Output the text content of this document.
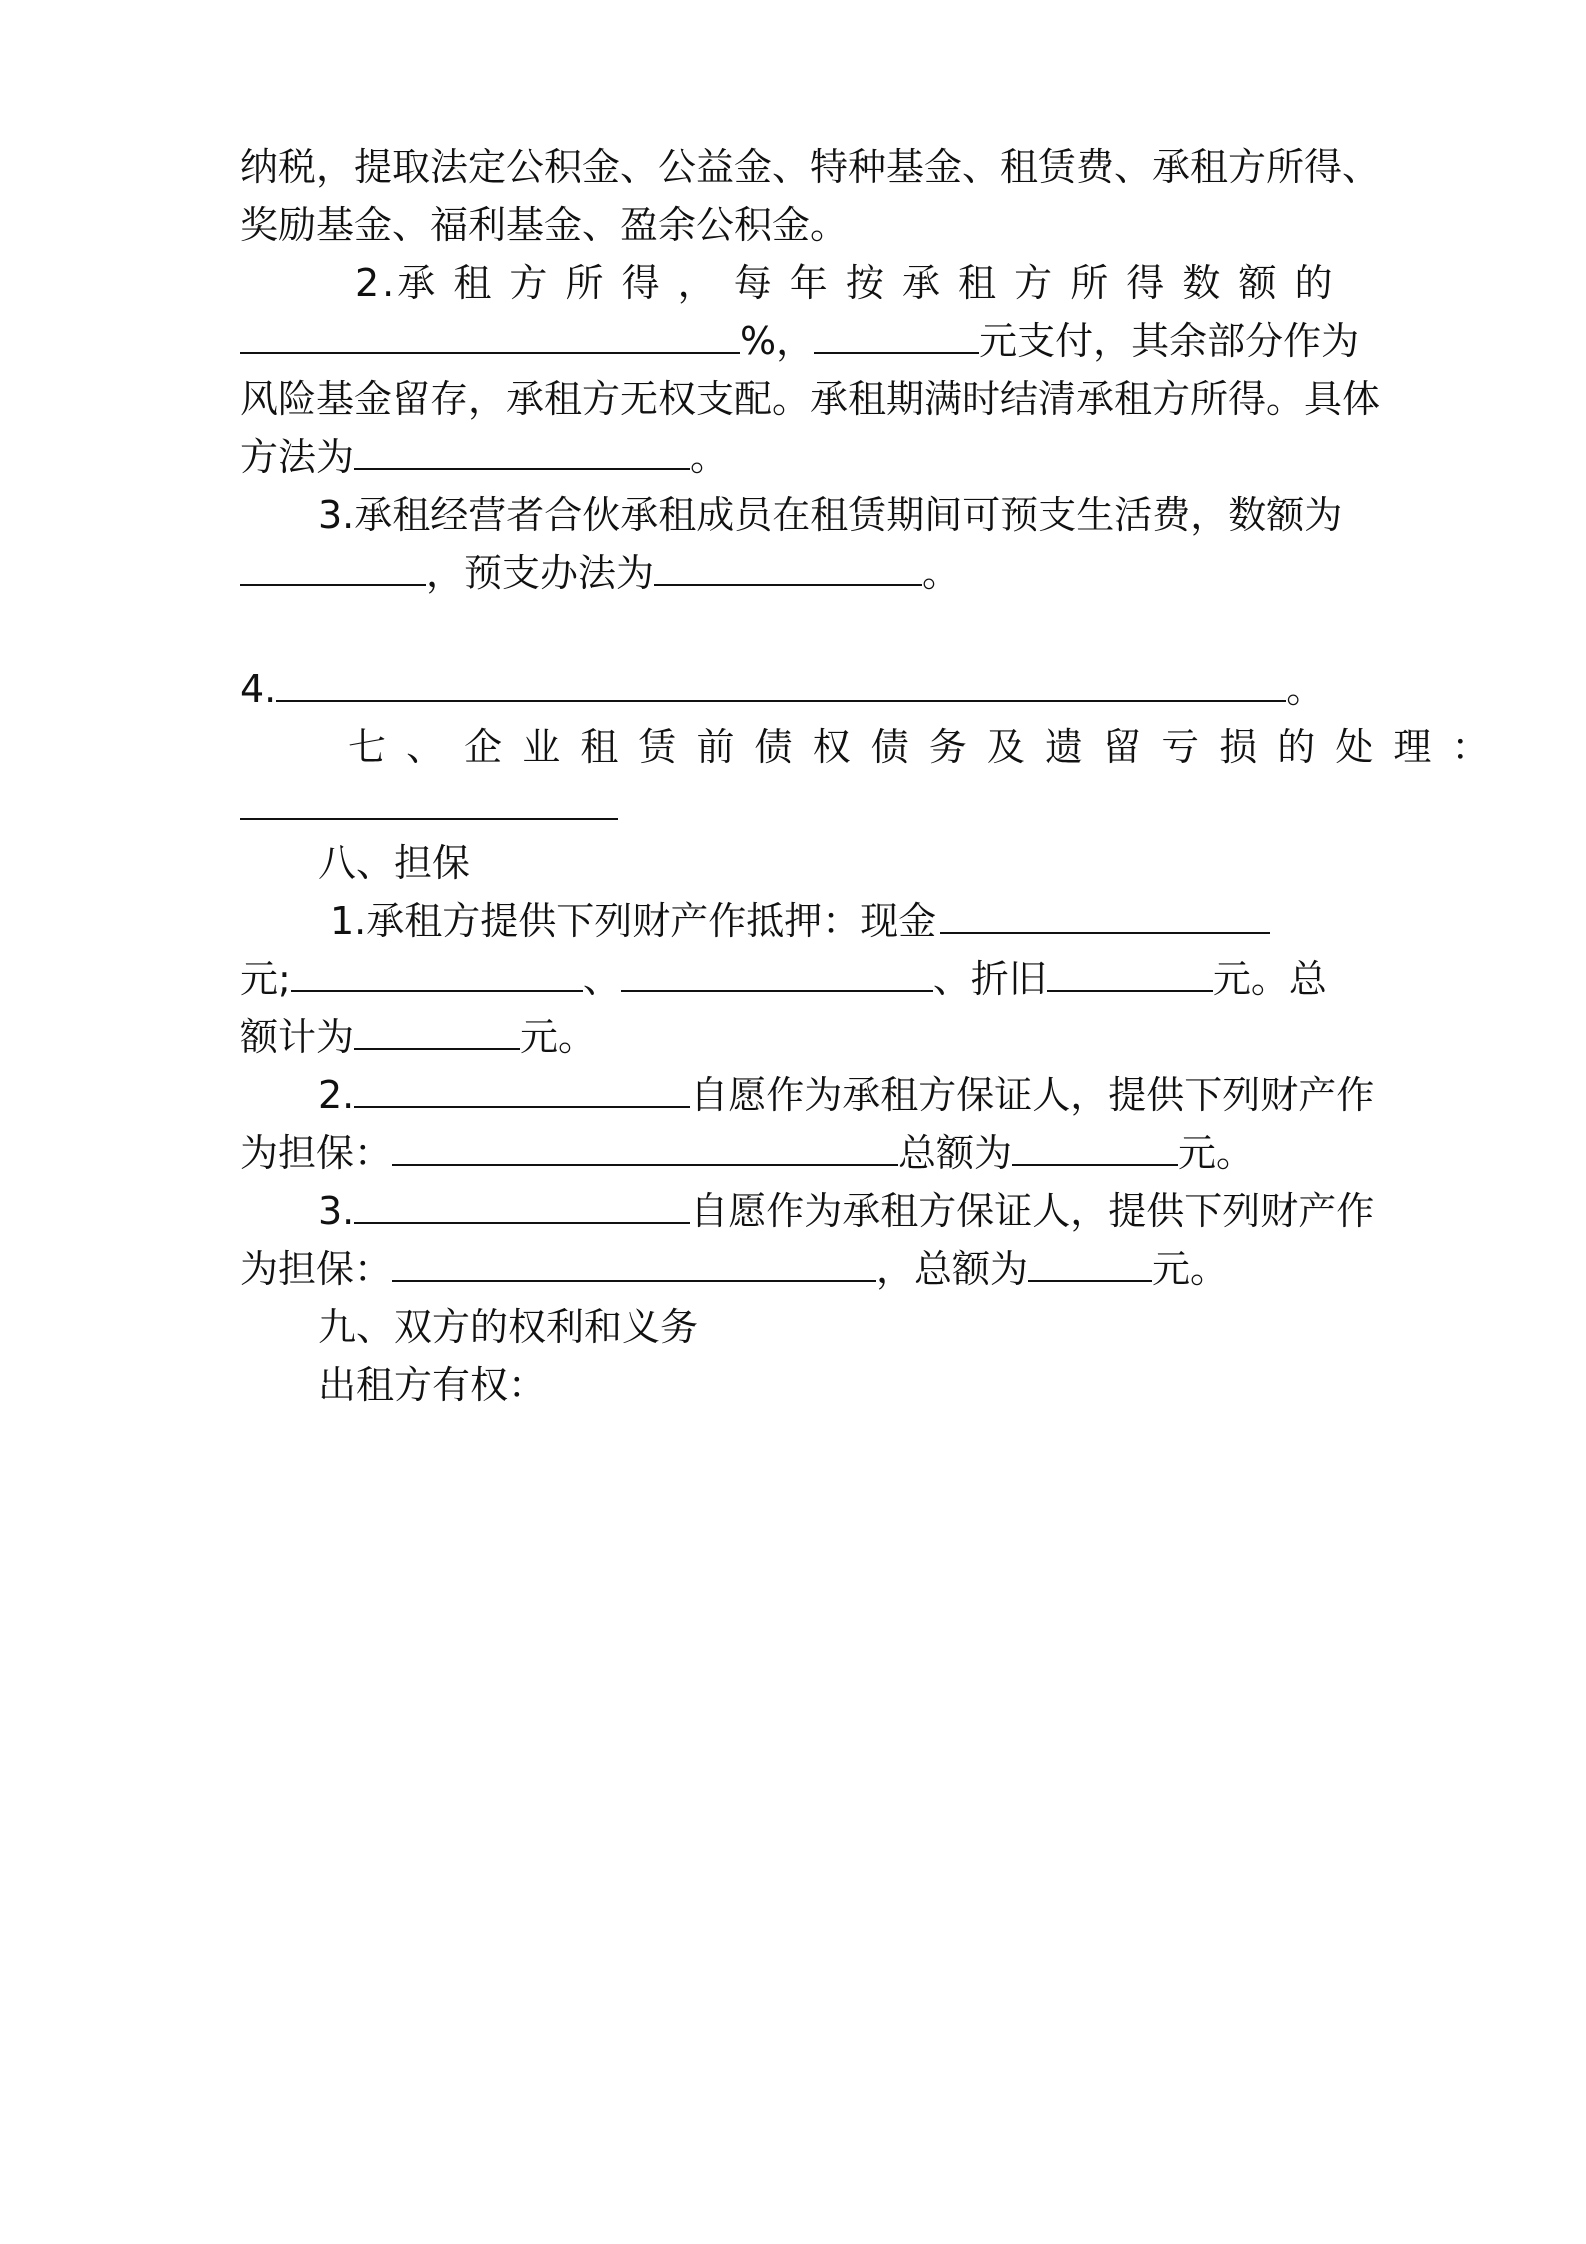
纳税，提取法定公积金、公益金、特种基金、租赁费、承租方所得、
奖励基金、福利基金、盈余公积金。
2.承 租 方 所 得 ， 每 年 按 承 租 方 所 得 数 额 的
%，	元支付，其余部分作为
风险基金留存，承租方无权支配。承租期满时结清承租方所得。具体
方法为	。
3.承租经营者合伙承租成员在租赁期间可预支生活费，数额为
，预支办法为	。
4.	。
七 、 企 业 租 赁 前 债 权 债 务 及 遗 留 亏 损 的 处 理 ：
八、担保
1.承租方提供下列财产作抵押：现金
元;	、	、折旧	元。总
额计为	元。
2.	自愿作为承租方保证人，提供下列财产作
为担保：	总额为	元。
3.	自愿作为承租方保证人，提供下列财产作
为担保：	，总额为	元。
九、双方的权利和义务
出租方有权：
